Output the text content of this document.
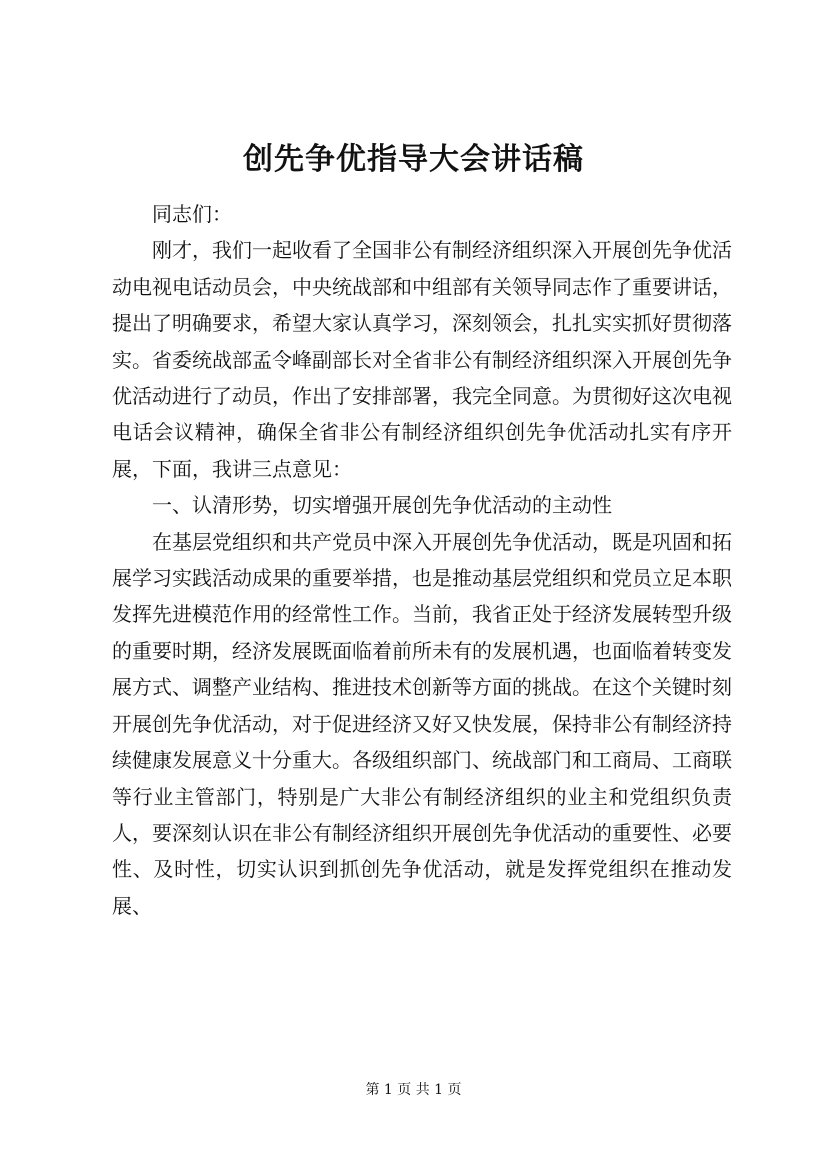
创先争优指导大会讲话稿

同志们：

刚才，我们一起收看了全国非公有制经济组织深入开展创先争优活动电视电话动员会，中央统战部和中组部有关领导同志作了重要讲话，提出了明确要求，希望大家认真学习，深刻领会，扎扎实实抓好贯彻落实。省委统战部孟令峰副部长对全省非公有制经济组织深入开展创先争优活动进行了动员，作出了安排部署，我完全同意。为贯彻好这次电视电话会议精神，确保全省非公有制经济组织创先争优活动扎实有序开展，下面，我讲三点意见：

一、认清形势，切实增强开展创先争优活动的主动性

在基层党组织和共产党员中深入开展创先争优活动，既是巩固和拓展学习实践活动成果的重要举措，也是推动基层党组织和党员立足本职发挥先进模范作用的经常性工作。当前，我省正处于经济发展转型升级的重要时期，经济发展既面临着前所未有的发展机遇，也面临着转变发展方式、调整产业结构、推进技术创新等方面的挑战。在这个关键时刻开展创先争优活动，对于促进经济又好又快发展，保持非公有制经济持续健康发展意义十分重大。各级组织部门、统战部门和工商局、工商联等行业主管部门，特别是广大非公有制经济组织的业主和党组织负责人，要深刻认识在非公有制经济组织开展创先争优活动的重要性、必要性、及时性，切实认识到抓创先争优活动，就是发挥党组织在推动发展、

第 1 页 共 1 页
